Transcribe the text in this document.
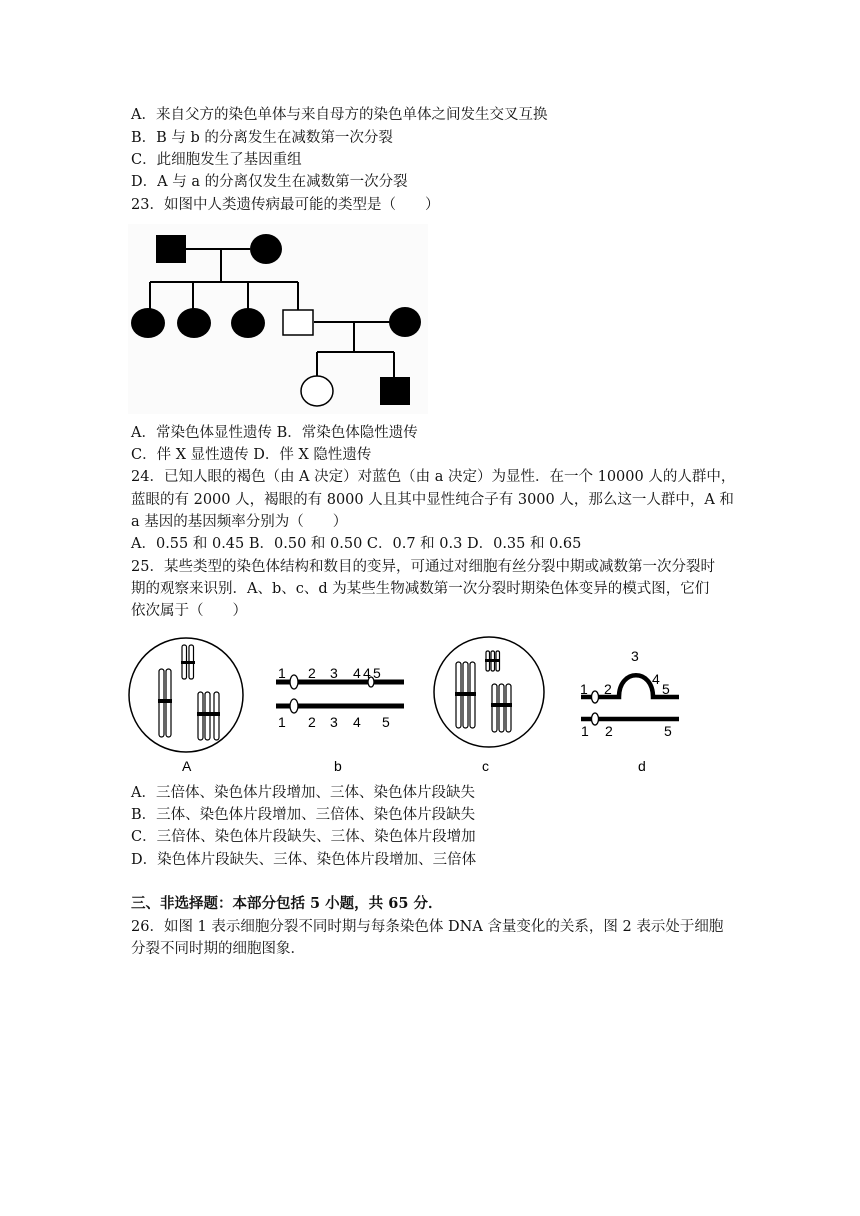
A．来自父方的染色单体与来自母方的染色单体之间发生交叉互换
B．B 与 b 的分离发生在减数第一次分裂
C．此细胞发生了基因重组
D．A 与 a 的分离仅发生在减数第一次分裂
23．如图中人类遗传病最可能的类型是（　　）
A．常染色体显性遗传 B．常染色体隐性遗传
C．伴 X 显性遗传 D．伴 X 隐性遗传
24．已知人眼的褐色（由 A 决定）对蓝色（由 a 决定）为显性．在一个 10000 人的人群中，
蓝眼的有 2000 人，褐眼的有 8000 人且其中显性纯合子有 3000 人，那么这一人群中，A 和
a 基因的基因频率分别为（　　）
A．0.55 和 0.45 B．0.50 和 0.50 C．0.7 和 0.3 D．0.35 和 0.65
25．某些类型的染色体结构和数目的变异，可通过对细胞有丝分裂中期或减数第一次分裂时
期的观察来识别．A、b、c、d 为某些生物减数第一次分裂时期染色体变异的模式图，它们
依次属于（　　）
1 2 3 4 4 5
1 2 3 4 5
3
4
1 2	5
1 2	5
A	b	c	d
A．三倍体、染色体片段增加、三体、染色体片段缺失
B．三体、染色体片段增加、三倍体、染色体片段缺失
C．三倍体、染色体片段缺失、三体、染色体片段增加
D．染色体片段缺失、三体、染色体片段增加、三倍体
三、非选择题：本部分包括 5 小题，共 65 分．
26．如图 1 表示细胞分裂不同时期与每条染色体 DNA 含量变化的关系，图 2 表示处于细胞
分裂不同时期的细胞图象．
